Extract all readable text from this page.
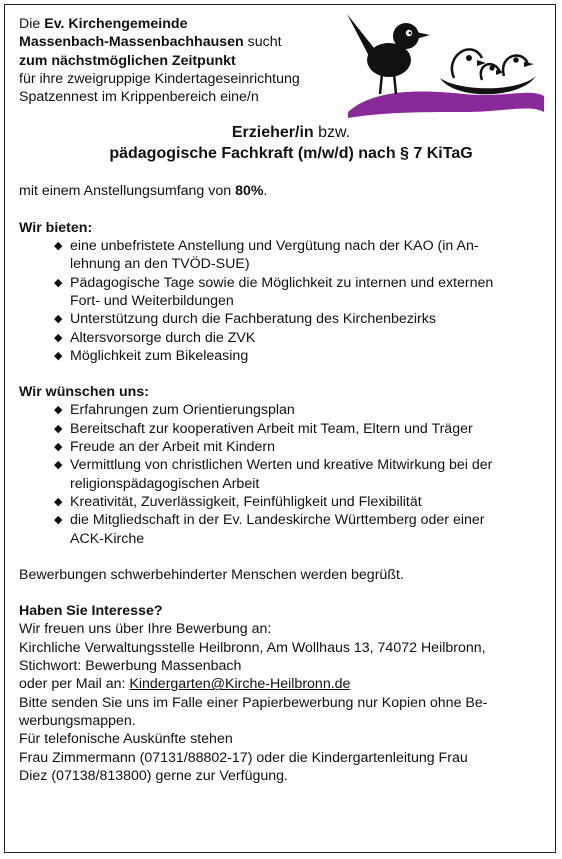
Die Ev. Kirchengemeinde

Massenbach-Massenbachhausen sucht

zum nächstmöglichen Zeitpunkt

für ihre zweigruppige Kindertageseinrichtung

Spatzennest im Krippenbereich eine/n

Erzieher/in bzw.
pädagogische Fachkraft (m/w/d) nach § 7 KiTaG

mit einem Anstellungsumfang von 80%.

Wir bieten:
◆ eine unbefristete Anstellung und Vergütung nach der KAO (in An-
lehnung an den TVÖD-SUE)
◆ Pädagogische Tage sowie die Möglichkeit zu internen und externen
Fort- und Weiterbildungen
◆ Unterstützung durch die Fachberatung des Kirchenbezirks
◆ Altersvorsorge durch die ZVK
◆ Möglichkeit zum Bikeleasing
Wir wünschen uns:
◆ Erfahrungen zum Orientierungsplan
◆ Bereitschaft zur kooperativen Arbeit mit Team, Eltern und Träger
◆ Freude an der Arbeit mit Kindern
◆ Vermittlung von christlichen Werten und kreative Mitwirkung bei der
religionspädagogischen Arbeit
◆ Kreativität, Zuverlässigkeit, Feinfühligkeit und Flexibilität
◆ die Mitgliedschaft in der Ev. Landeskirche Württemberg oder einer
ACK-Kirche

Bewerbungen schwerbehinderter Menschen werden begrüßt.

Haben Sie Interesse?

Wir freuen uns über Ihre Bewerbung an:

Kirchliche Verwaltungsstelle Heilbronn, Am Wollhaus 13, 74072 Heilbronn,

Stichwort: Bewerbung Massenbach

oder per Mail an: Kindergarten@Kirche-Heilbronn.de

Bitte senden Sie uns im Falle einer Papierbewerbung nur Kopien ohne Be-

werbungsmappen.

Für telefonische Auskünfte stehen

Frau Zimmermann (07131/88802-17) oder die Kindergartenleitung Frau

Diez (07138/813800) gerne zur Verfügung.
